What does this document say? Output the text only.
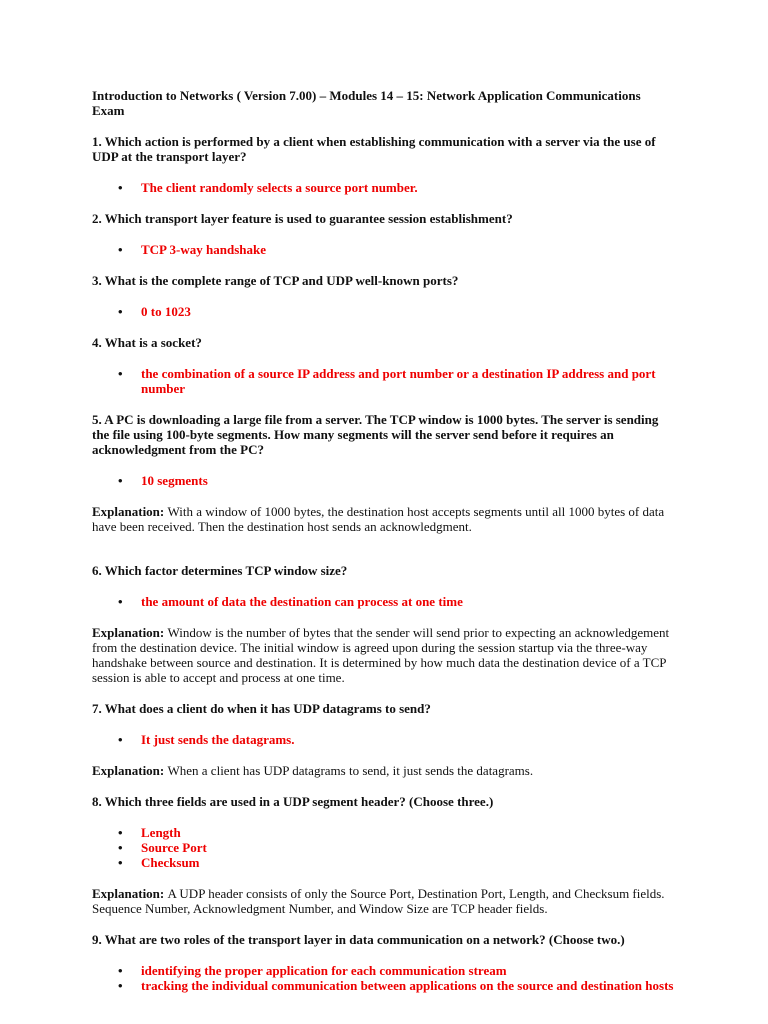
Introduction to Networks ( Version 7.00) – Modules 14 – 15: Network Application Communications Exam

1. Which action is performed by a client when establishing communication with a server via the use of UDP at the transport layer?

• The client randomly selects a source port number.

2. Which transport layer feature is used to guarantee session establishment?

• TCP 3-way handshake

3. What is the complete range of TCP and UDP well-known ports?

• 0 to 1023

4. What is a socket?

• the combination of a source IP address and port number or a destination IP address and port number

5. A PC is downloading a large file from a server. The TCP window is 1000 bytes. The server is sending the file using 100-byte segments. How many segments will the server send before it requires an acknowledgment from the PC?

• 10 segments

Explanation: With a window of 1000 bytes, the destination host accepts segments until all 1000 bytes of data have been received. Then the destination host sends an acknowledgment.

6. Which factor determines TCP window size?

• the amount of data the destination can process at one time

Explanation: Window is the number of bytes that the sender will send prior to expecting an acknowledgement from the destination device. The initial window is agreed upon during the session startup via the three-way handshake between source and destination. It is determined by how much data the destination device of a TCP session is able to accept and process at one time.

7. What does a client do when it has UDP datagrams to send?

• It just sends the datagrams.

Explanation: When a client has UDP datagrams to send, it just sends the datagrams.

8. Which three fields are used in a UDP segment header? (Choose three.)

• Length
• Source Port
• Checksum

Explanation: A UDP header consists of only the Source Port, Destination Port, Length, and Checksum fields. Sequence Number, Acknowledgment Number, and Window Size are TCP header fields.

9. What are two roles of the transport layer in data communication on a network? (Choose two.)

• identifying the proper application for each communication stream
• tracking the individual communication between applications on the source and destination hosts
